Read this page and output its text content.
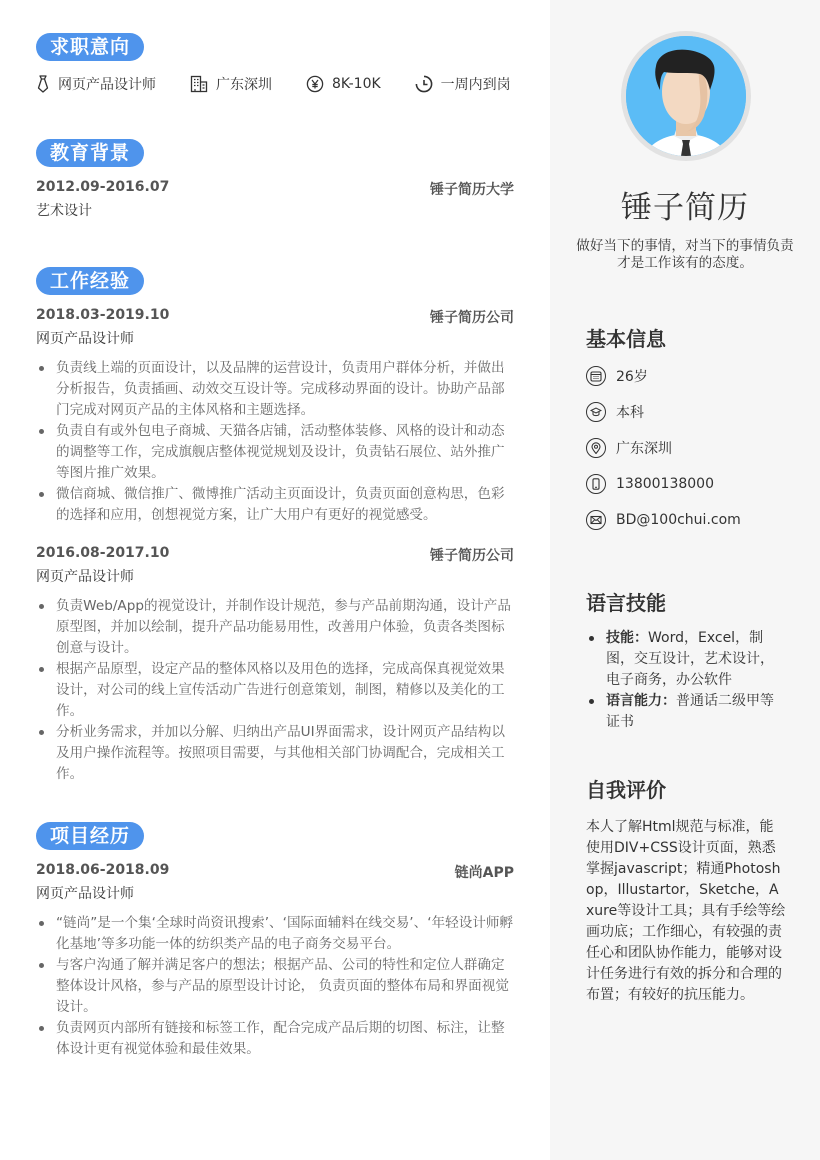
求职意向
网页产品设计师	广东深圳	8K-10K	一周内到岗
教育背景
2012.09-2016.07	锤子简历大学
艺术设计
工作经验
2018.03-2019.10	锤子简历公司
网页产品设计师
负责线上端的页面设计，以及品牌的运营设计，负责用户群体分析，并做出分析报告，负责插画、动效交互设计等。完成移动界面的设计。协助产品部门完成对网页产品的主体风格和主题选择。
负责自有或外包电子商城、天猫各店铺，活动整体装修、风格的设计和动态的调整等工作，完成旗舰店整体视觉规划及设计，负责钻石展位、站外推广等图片推广效果。
微信商城、微信推广、微博推广活动主页面设计，负责页面创意构思，色彩的选择和应用，创想视觉方案，让广大用户有更好的视觉感受。
2016.08-2017.10	锤子简历公司
网页产品设计师
负责Web/App的视觉设计，并制作设计规范，参与产品前期沟通，设计产品原型图，并加以绘制，提升产品功能易用性，改善用户体验，负责各类图标创意与设计。
根据产品原型，设定产品的整体风格以及用色的选择，完成高保真视觉效果设计，对公司的线上宣传活动广告进行创意策划，制图，精修以及美化的工作。
分析业务需求，并加以分解、归纳出产品UI界面需求，设计网页产品结构以及用户操作流程等。按照项目需要，与其他相关部门协调配合，完成相关工作。
项目经历
2018.06-2018.09	链尚APP
网页产品设计师
“链尚”是一个集‘全球时尚资讯搜索’、‘国际面辅料在线交易’、‘年轻设计师孵化基地’等多功能一体的纺织类产品的电子商务交易平台。
与客户沟通了解并满足客户的想法；根据产品、公司的特性和定位人群确定整体设计风格，参与产品的原型设计讨论， 负责页面的整体布局和界面视觉设计。
负责网页内部所有链接和标签工作，配合完成产品后期的切图、标注，让整体设计更有视觉体验和最佳效果。
锤子简历
做好当下的事情，对当下的事情负责才是工作该有的态度。
基本信息
26岁
本科
广东深圳
13800138000
BD@100chui.com
语言技能
技能：Word，Excel，制图，交互设计，艺术设计，电子商务，办公软件
语言能力：普通话二级甲等证书
自我评价
本人了解Html规范与标准，能使用DIV+CSS设计页面，熟悉掌握javascript；精通Photoshop，Illustartor，Sketche，Axure等设计工具；具有手绘等绘画功底；工作细心，有较强的责任心和团队协作能力，能够对设计任务进行有效的拆分和合理的布置；有较好的抗压能力。
